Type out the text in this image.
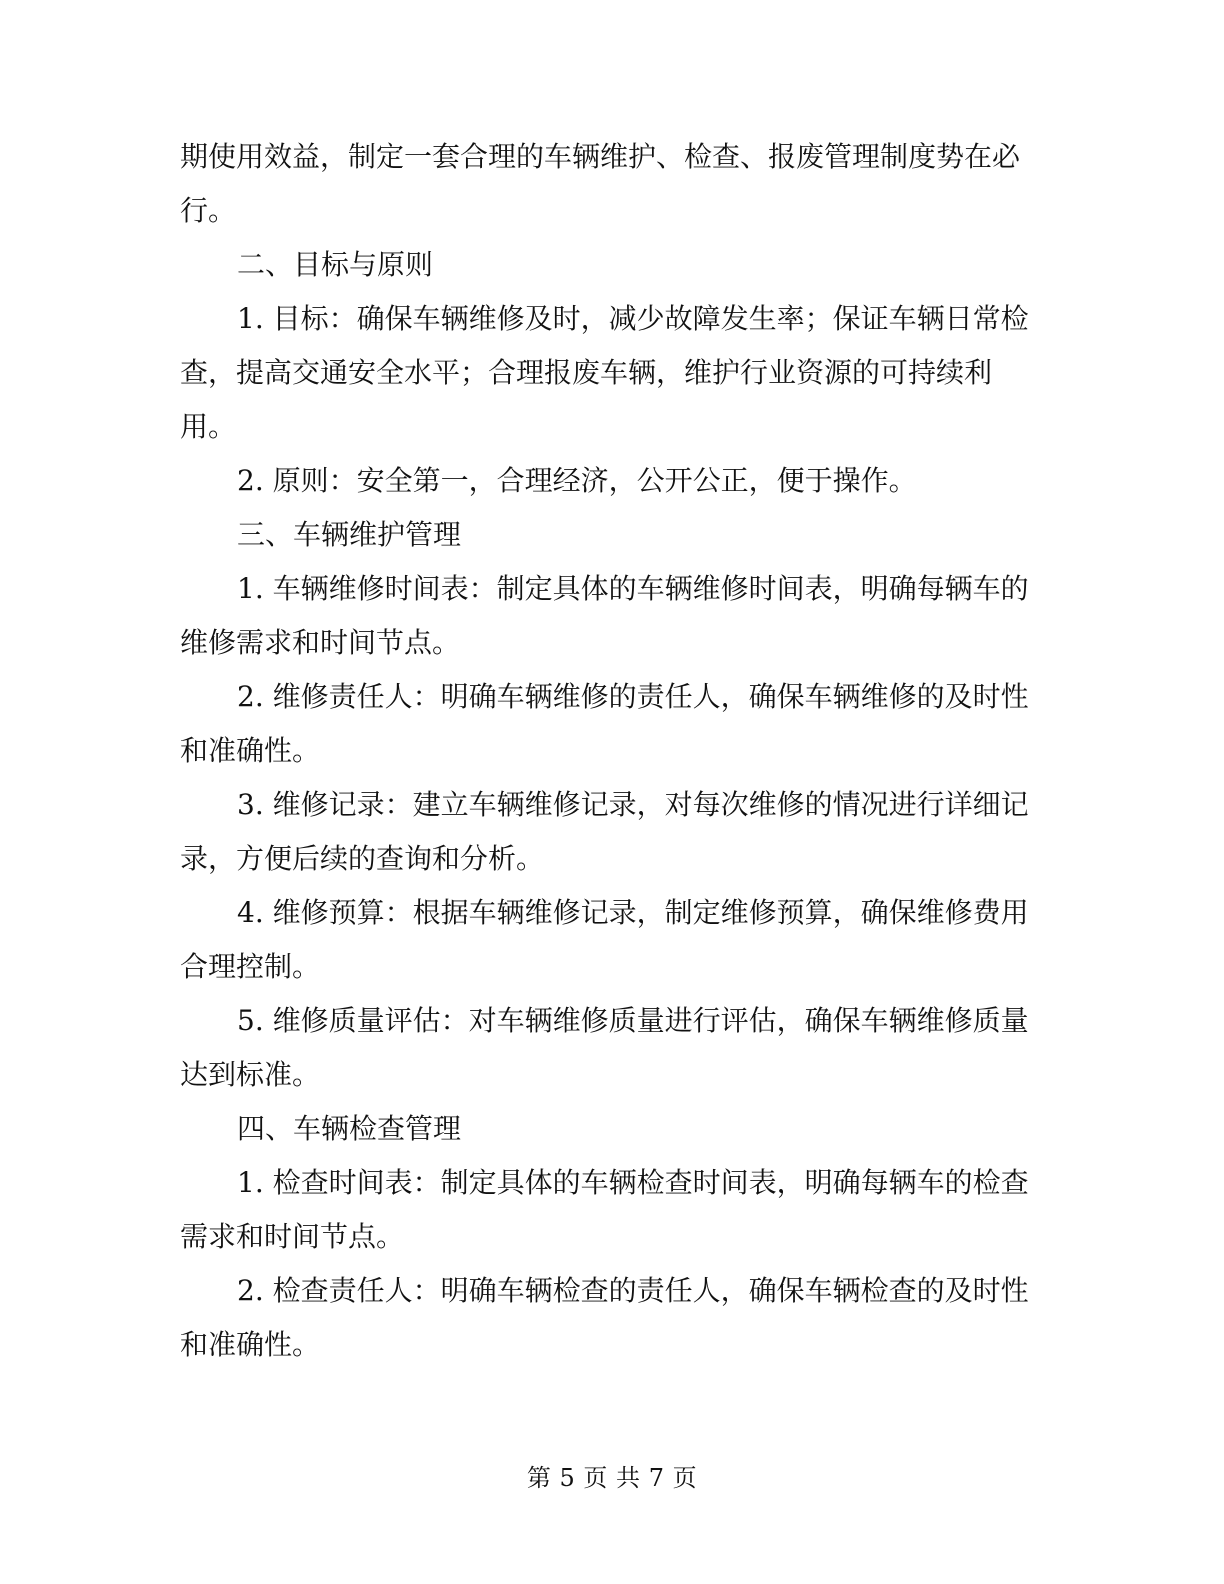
期使用效益，制定一套合理的车辆维护、检查、报废管理制度势在必行。

二、目标与原则

1. 目标：确保车辆维修及时，减少故障发生率；保证车辆日常检查，提高交通安全水平；合理报废车辆，维护行业资源的可持续利用。

2. 原则：安全第一，合理经济，公开公正，便于操作。

三、车辆维护管理

1. 车辆维修时间表：制定具体的车辆维修时间表，明确每辆车的维修需求和时间节点。

2. 维修责任人：明确车辆维修的责任人，确保车辆维修的及时性和准确性。

3. 维修记录：建立车辆维修记录，对每次维修的情况进行详细记录，方便后续的查询和分析。

4. 维修预算：根据车辆维修记录，制定维修预算，确保维修费用合理控制。

5. 维修质量评估：对车辆维修质量进行评估，确保车辆维修质量达到标准。

四、车辆检查管理

1. 检查时间表：制定具体的车辆检查时间表，明确每辆车的检查需求和时间节点。

2. 检查责任人：明确车辆检查的责任人，确保车辆检查的及时性和准确性。

第 5 页 共 7 页
